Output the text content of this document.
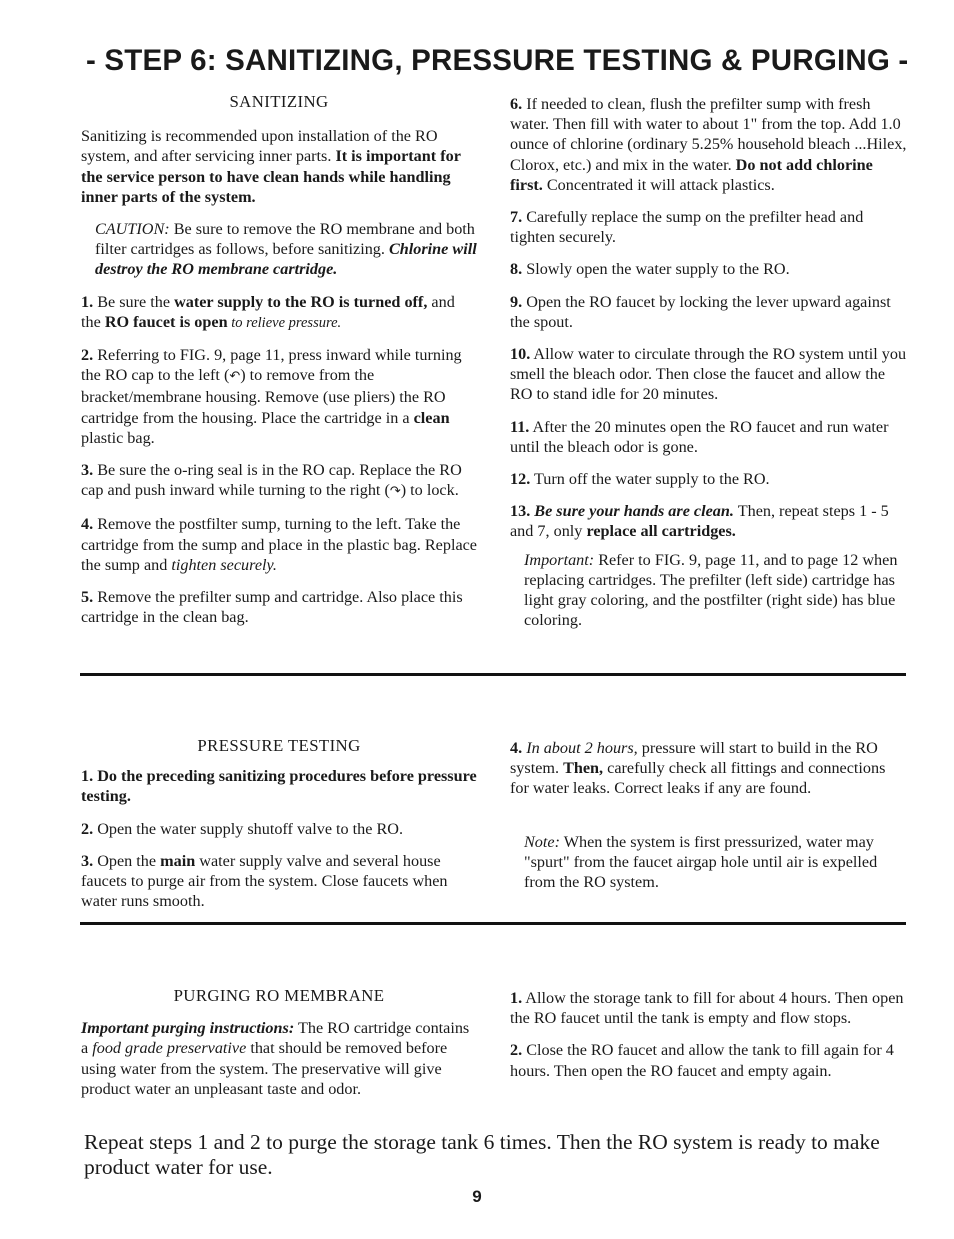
- STEP 6: SANITIZING, PRESSURE TESTING & PURGING -
SANITIZING

Sanitizing is recommended upon installation of the RO system, and after servicing inner parts. It is important for the service person to have clean hands while handling inner parts of the system.

CAUTION: Be sure to remove the RO membrane and both filter cartridges as follows, before sanitizing. Chlorine will destroy the RO membrane cartridge.

1. Be sure the water supply to the RO is turned off, and the RO faucet is open to relieve pressure.

2. Referring to FIG. 9, page 11, press inward while turning the RO cap to the left (↶) to remove from the bracket/membrane housing. Remove (use pliers) the RO cartridge from the housing. Place the cartridge in a clean plastic bag.

3. Be sure the o-ring seal is in the RO cap. Replace the RO cap and push inward while turning to the right (↷) to lock.

4. Remove the postfilter sump, turning to the left. Take the cartridge from the sump and place in the plastic bag. Replace the sump and tighten securely.

5. Remove the prefilter sump and cartridge. Also place this cartridge in the clean bag.

6. If needed to clean, flush the prefilter sump with fresh water. Then fill with water to about 1" from the top. Add 1.0 ounce of chlorine (ordinary 5.25% household bleach ...Hilex, Clorox, etc.) and mix in the water. Do not add chlorine first. Concentrated it will attack plastics.

7. Carefully replace the sump on the prefilter head and tighten securely.

8. Slowly open the water supply to the RO.

9. Open the RO faucet by locking the lever upward against the spout.

10. Allow water to circulate through the RO system until you smell the bleach odor. Then close the faucet and allow the RO to stand idle for 20 minutes.

11. After the 20 minutes open the RO faucet and run water until the bleach odor is gone.

12. Turn off the water supply to the RO.

13. Be sure your hands are clean. Then, repeat steps 1 - 5 and 7, only replace all cartridges.

Important: Refer to FIG. 9, page 11, and to page 12 when replacing cartridges. The prefilter (left side) cartridge has light gray coloring, and the postfilter (right side) has blue coloring.

PRESSURE TESTING

1. Do the preceding sanitizing procedures before pressure testing.

2. Open the water supply shutoff valve to the RO.

3. Open the main water supply valve and several house faucets to purge air from the system. Close faucets when water runs smooth.

4. In about 2 hours, pressure will start to build in the RO system. Then, carefully check all fittings and connections for water leaks. Correct leaks if any are found.

Note: When the system is first pressurized, water may "spurt" from the faucet airgap hole until air is expelled from the RO system.

PURGING RO MEMBRANE

Important purging instructions: The RO cartridge contains a food grade preservative that should be removed before using water from the system. The preservative will give product water an unpleasant taste and odor.

1. Allow the storage tank to fill for about 4 hours. Then open the RO faucet until the tank is empty and flow stops.

2. Close the RO faucet and allow the tank to fill again for 4 hours. Then open the RO faucet and empty again.

Repeat steps 1 and 2 to purge the storage tank 6 times. Then the RO system is ready to make product water for use.

9
